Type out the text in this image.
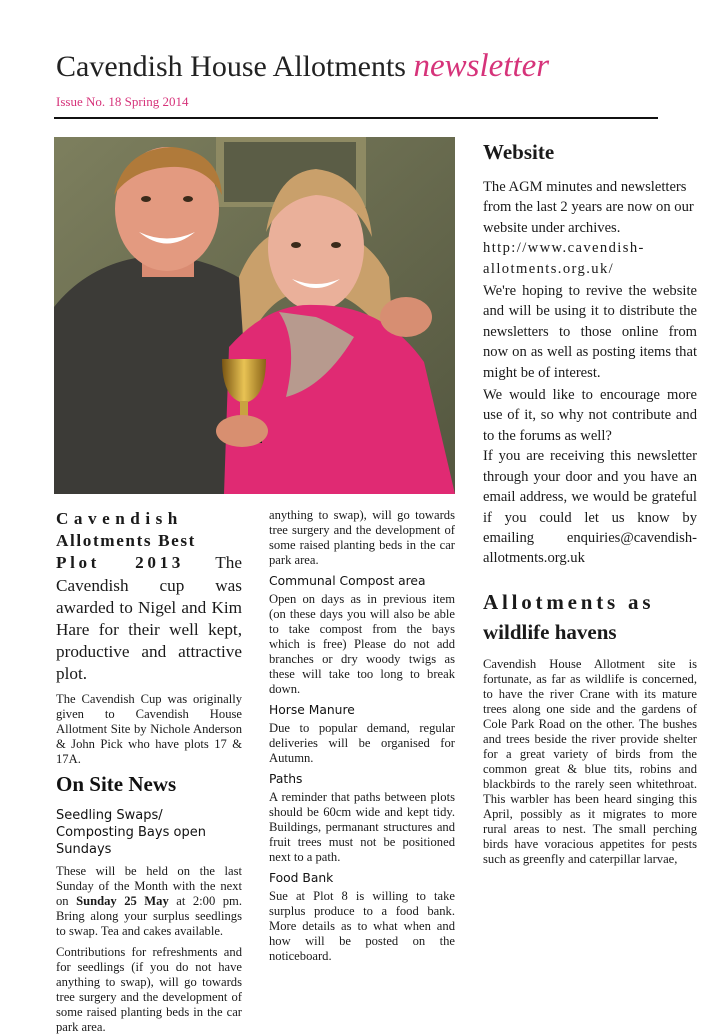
Cavendish House Allotments newsletter
Issue No. 18 Spring 2014
Cavendish
Allotments Best
Plot 2013 The Cavendish cup was awarded to Nigel and Kim Hare for their well kept, productive and attractive plot.

The Cavendish Cup was originally given to Cavendish House Allotment Site by Nichole Anderson & John Pick who have plots 17 & 17A.

On Site News
Seedling Swaps/ Composting Bays open Sundays

These will be held on the last Sunday of the Month with the next on Sunday 25 May at 2:00 pm. Bring along your surplus seedlings to swap. Tea and cakes available.

Contributions for refreshments and for seedlings (if you do not have anything to swap), will go towards tree surgery and the development of some raised planting beds in the car park area.

anything to swap), will go towards tree surgery and the development of some raised planting beds in the car park area.

Communal Compost area

Open on days as in previous item (on these days you will also be able to take compost from the bays which is free) Please do not add branches or dry woody twigs as these will take too long to break down.

Horse Manure

Due to popular demand, regular deliveries will be organised for Autumn.

Paths

A reminder that paths between plots should be 60cm wide and kept tidy. Buildings, permanant structures and fruit trees must not be positioned next to a path.

Food Bank

Sue at Plot 8 is willing to take surplus produce to a food bank. More details as to what when and how will be posted on the noticeboard.

Website

The AGM minutes and newsletters from the last 2 years are now on our website under archives.

http://www.cavendish-allotments.org.uk/

We're hoping to revive the website and will be using it to distribute the newsletters to those online from now on as well as posting items that might be of interest.

We would like to encourage more use of it, so why not contribute and to the forums as well?

If you are receiving this newsletter through your door and you have an email address, we would be grateful if you could let us know by emailing enquiries@cavendish-allotments.org.uk

Allotments as
wildlife havens

Cavendish House Allotment site is fortunate, as far as wildlife is concerned, to have the river Crane with its mature trees along one side and the gardens of Cole Park Road on the other. The bushes and trees beside the river provide shelter for a great variety of birds from the common great & blue tits, robins and blackbirds to the rarely seen whitethroat. This warbler has been heard singing this April, possibly as it migrates to more rural areas to nest. The small perching birds have voracious appetites for pests such as greenfly and caterpillar larvae,
